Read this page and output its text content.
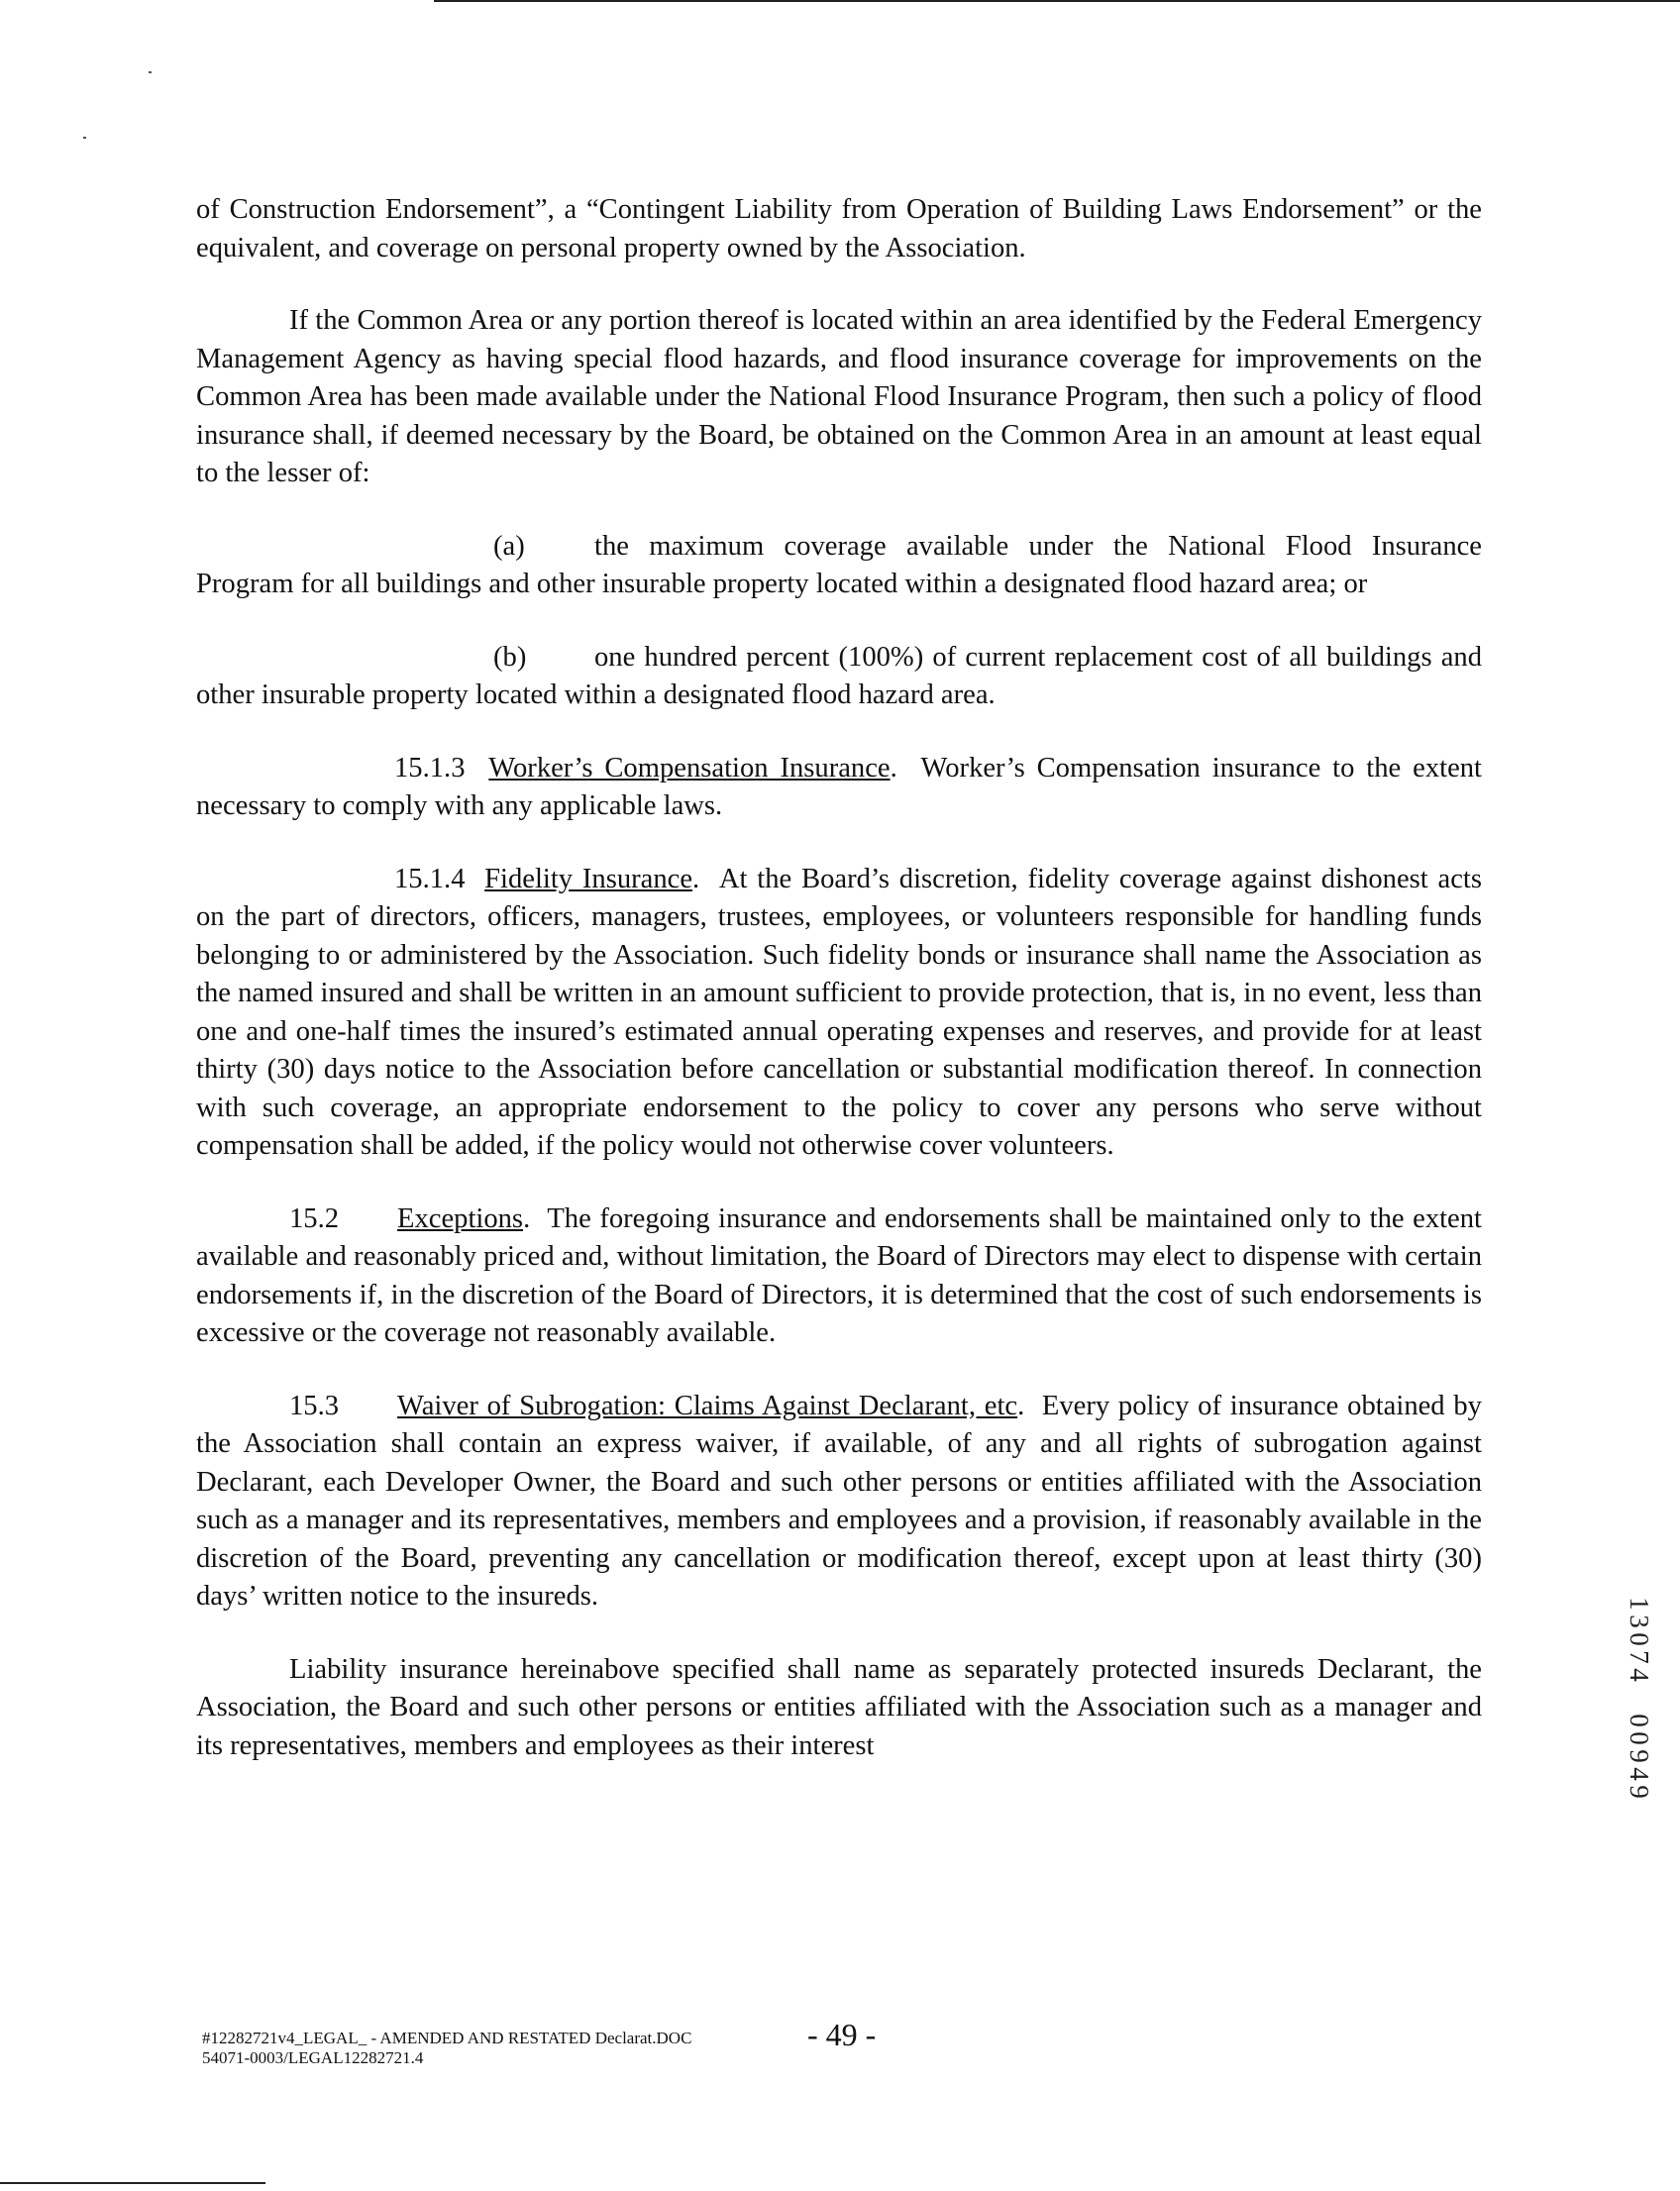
of Construction Endorsement”, a “Contingent Liability from Operation of Building Laws Endorsement” or the equivalent, and coverage on personal property owned by the Association.

If the Common Area or any portion thereof is located within an area identified by the Federal Emergency Management Agency as having special flood hazards, and flood insurance coverage for improvements on the Common Area has been made available under the National Flood Insurance Program, then such a policy of flood insurance shall, if deemed necessary by the Board, be obtained on the Common Area in an amount at least equal to the lesser of:

(a) the maximum coverage available under the National Flood Insurance Program for all buildings and other insurable property located within a designated flood hazard area; or

(b) one hundred percent (100%) of current replacement cost of all buildings and other insurable property located within a designated flood hazard area.

15.1.3 Worker’s Compensation Insurance.  Worker’s Compensation insurance to the extent necessary to comply with any applicable laws.

15.1.4 Fidelity Insurance.  At the Board’s discretion, fidelity coverage against dishonest acts on the part of directors, officers, managers, trustees, employees, or volunteers responsible for handling funds belonging to or administered by the Association. Such fidelity bonds or insurance shall name the Association as the named insured and shall be written in an amount sufficient to provide protection, that is, in no event, less than one and one-half times the insured’s estimated annual operating expenses and reserves, and provide for at least thirty (30) days notice to the Association before cancellation or substantial modification thereof. In connection with such coverage, an appropriate endorsement to the policy to cover any persons who serve without compensation shall be added, if the policy would not otherwise cover volunteers.

15.2 Exceptions.  The foregoing insurance and endorsements shall be maintained only to the extent available and reasonably priced and, without limitation, the Board of Directors may elect to dispense with certain endorsements if, in the discretion of the Board of Directors, it is determined that the cost of such endorsements is excessive or the coverage not reasonably available.

15.3 Waiver of Subrogation: Claims Against Declarant, etc.  Every policy of insurance obtained by the Association shall contain an express waiver, if available, of any and all rights of subrogation against Declarant, each Developer Owner, the Board and such other persons or entities affiliated with the Association such as a manager and its representatives, members and employees and a provision, if reasonably available in the discretion of the Board, preventing any cancellation or modification thereof, except upon at least thirty (30) days’ written notice to the insureds.

Liability insurance hereinabove specified shall name as separately protected insureds Declarant, the Association, the Board and such other persons or entities affiliated with the Association such as a manager and its representatives, members and employees as their interest

1
3
0
7
4
0
0
9
4
9
#12282721v4_LEGAL_ - AMENDED AND RESTATED Declarat.DOC
54071-0003/LEGAL12282721.4
- 49 -
